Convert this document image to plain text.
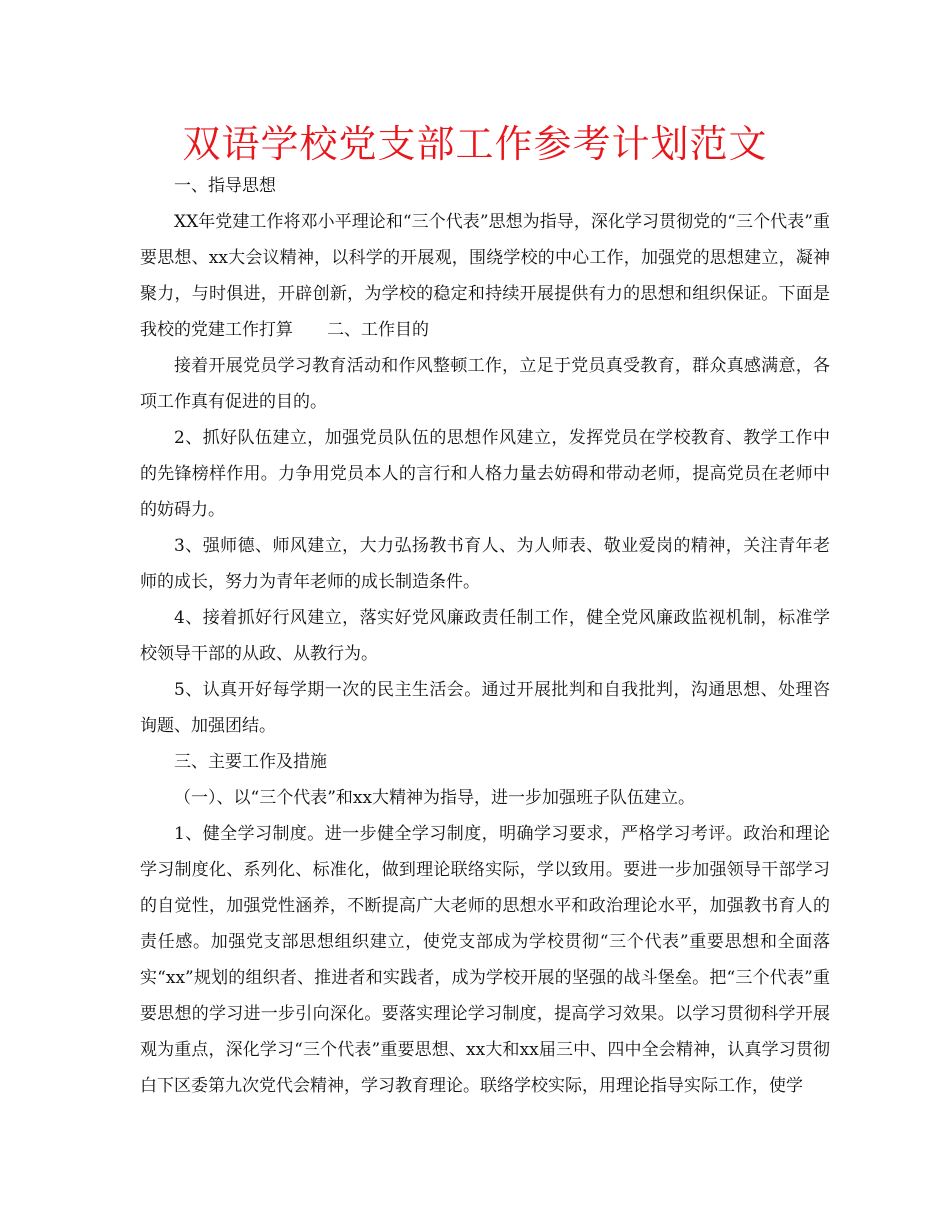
双语学校党支部工作参考计划范文

一、指导思想

XX年党建工作将邓小平理论和“三个代表”思想为指导，深化学习贯彻党的“三个代表”重要思想、xx大会议精神，以科学的开展观，围绕学校的中心工作，加强党的思想建立，凝神聚力，与时俱进，开辟创新，为学校的稳定和持续开展提供有力的思想和组织保证。下面是我校的党建工作打算　　二、工作目的

接着开展党员学习教育活动和作风整顿工作，立足于党员真受教育，群众真感满意，各项工作真有促进的目的。

2、抓好队伍建立，加强党员队伍的思想作风建立，发挥党员在学校教育、教学工作中的先锋榜样作用。力争用党员本人的言行和人格力量去妨碍和带动老师，提高党员在老师中的妨碍力。

3、强师德、师风建立，大力弘扬教书育人、为人师表、敬业爱岗的精神，关注青年老师的成长，努力为青年老师的成长制造条件。

4、接着抓好行风建立，落实好党风廉政责任制工作，健全党风廉政监视机制，标准学校领导干部的从政、从教行为。

5、认真开好每学期一次的民主生活会。通过开展批判和自我批判，沟通思想、处理咨询题、加强团结。

三、主要工作及措施

（一）、以“三个代表”和xx大精神为指导，进一步加强班子队伍建立。

1、健全学习制度。进一步健全学习制度，明确学习要求，严格学习考评。政治和理论学习制度化、系列化、标准化，做到理论联络实际，学以致用。要进一步加强领导干部学习的自觉性，加强党性涵养，不断提高广大老师的思想水平和政治理论水平，加强教书育人的责任感。加强党支部思想组织建立，使党支部成为学校贯彻“三个代表”重要思想和全面落实“xx”规划的组织者、推进者和实践者，成为学校开展的坚强的战斗堡垒。把“三个代表”重要思想的学习进一步引向深化。要落实理论学习制度，提高学习效果。以学习贯彻科学开展观为重点，深化学习“三个代表”重要思想、xx大和xx届三中、四中全会精神，认真学习贯彻白下区委第九次党代会精神，学习教育理论。联络学校实际，用理论指导实际工作，使学
